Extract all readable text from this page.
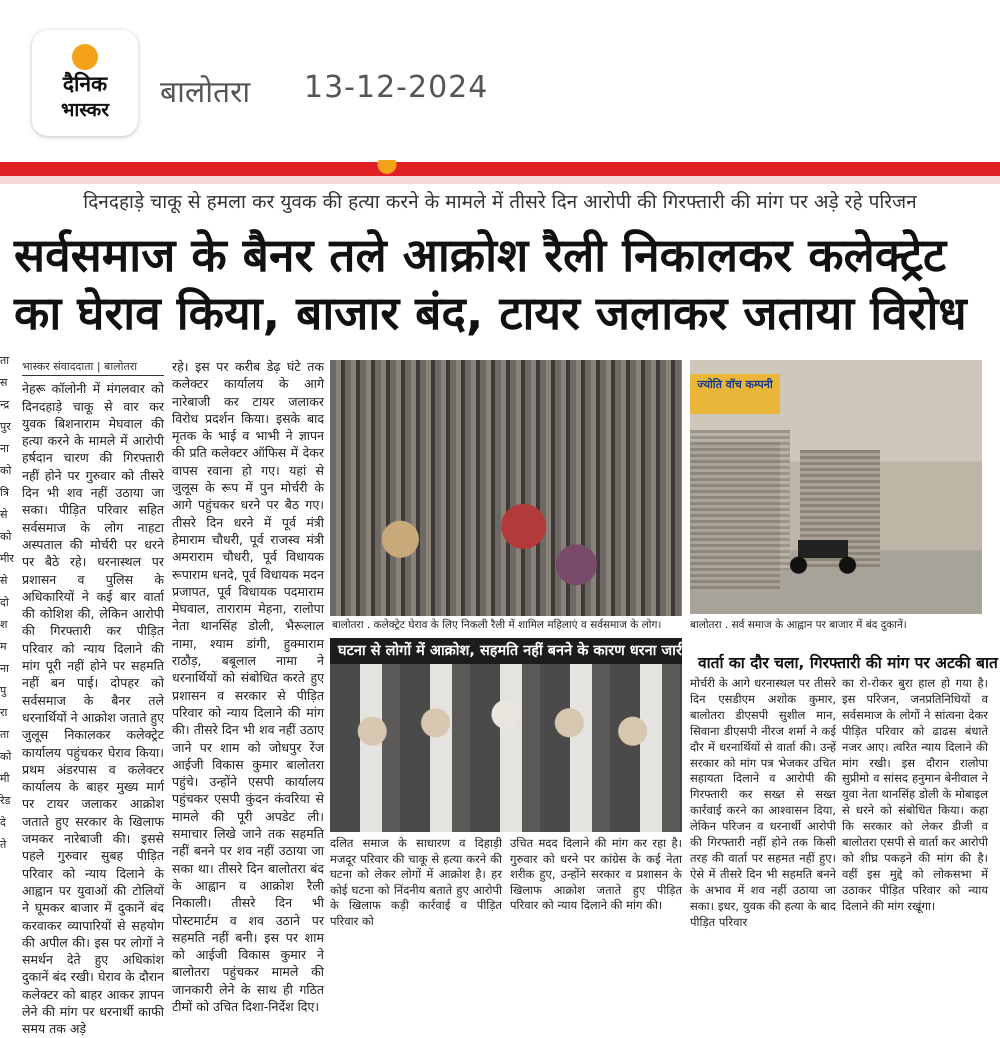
दैनिक
भास्कर	बालोतरा 13-12-2024
दिनदहाड़े चाकू से हमला कर युवक की हत्या करने के मामले में तीसरे दिन आरोपी की गिरफ्तारी की मांग पर अड़े रहे परिजन
सर्वसमाज के बैनर तले आक्रोश रैली निकालकर कलेक्ट्रेट का घेराव किया, बाजार बंद, टायर जलाकर जताया विरोध
ता
स
न्द्र
पुर
ना
को
त्रि
से
को
मीर
से
दो
श
म
ना
पु
रा
ता
को
मी
रेड
दे
ते
भास्कर संवाददाता | बालोतरा

नेहरू कॉलोनी में मंगलवार को दिनदहाड़े चाकू से वार कर युवक बिशनाराम मेघवाल की हत्या करने के मामले में आरोपी हर्षदान चारण की गिरफ्तारी नहीं होने पर गुरुवार को तीसरे दिन भी शव नहीं उठाया जा सका। पीड़ित परिवार सहित सर्वसमाज के लोग नाहटा अस्पताल की मोर्चरी पर धरने पर बैठे रहे। धरनास्थल पर प्रशासन व पुलिस के अधिकारियों ने कई बार वार्ता की कोशिश की, लेकिन आरोपी की गिरफ्तारी कर पीड़ित परिवार को न्याय दिलाने की मांग पूरी नहीं होने पर सहमति नहीं बन पाई। दोपहर को सर्वसमाज के बैनर तले धरनार्थियों ने आक्रोश जताते हुए जुलूस निकालकर कलेक्ट्रेट कार्यालय पहुंचकर घेराव किया। प्रथम अंडरपास व कलेक्टर कार्यालय के बाहर मुख्य मार्ग पर टायर जलाकर आक्रोश जताते हुए सरकार के खिलाफ जमकर नारेबाजी की। इससे पहले गुरुवार सुबह पीड़ित परिवार को न्याय दिलाने के आह्वान पर युवाओं की टोलियों ने घूमकर बाजार में दुकानें बंद करवाकर व्यापारियों से सहयोग की अपील की। इस पर लोगों ने समर्थन देते हुए अधिकांश दुकानें बंद रखी। घेराव के दौरान कलेक्टर को बाहर आकर ज्ञापन लेने की मांग पर धरनार्थी काफी समय तक अड़े

रहे। इस पर करीब डेढ़ घंटे तक कलेक्टर कार्यालय के आगे नारेबाजी कर टायर जलाकर विरोध प्रदर्शन किया। इसके बाद मृतक के भाई व भाभी ने ज्ञापन की प्रति कलेक्टर ऑफिस में देकर वापस रवाना हो गए। यहां से जुलूस के रूप में पुन मोर्चरी के आगे पहुंचकर धरने पर बैठ गए। तीसरे दिन धरने में पूर्व मंत्री हेमाराम चौधरी, पूर्व राजस्व मंत्री अमराराम चौधरी, पूर्व विधायक रूपाराम धनदे, पूर्व विधायक मदन प्रजापत, पूर्व विधायक पदमाराम मेघवाल, ताराराम मेहना, रालोपा नेता थानसिंह डोली, भैरूलाल नामा, श्याम डांगी, हुक्माराम राठौड़, बबूलाल नामा ने धरनार्थियों को संबोधित करते हुए प्रशासन व सरकार से पीड़ित परिवार को न्याय दिलाने की मांग की। तीसरे दिन भी शव नहीं उठाए जाने पर शाम को जोधपुर रेंज आईजी विकास कुमार बालोतरा पहुंचे। उन्होंने एसपी कार्यालय पहुंचकर एसपी कुंदन कंवरिया से मामले की पूरी अपडेट ली। समाचार लिखे जाने तक सहमति नहीं बनने पर शव नहीं उठाया जा सका था। तीसरे दिन बालोतरा बंद के आह्वान व आक्रोश रैली निकाली। तीसरे दिन भी पोस्टमार्टम व शव उठाने पर सहमति नहीं बनी। इस पर शाम को आईजी विकास कुमार ने बालोतरा पहुंचकर मामले की जानकारी लेने के साथ ही गठित टीमों को उचित दिशा-निर्देश दिए।

ज्योति वॉच कम्पनी
बालोतरा . कलेक्ट्रेट घेराव के लिए निकली रैली में शामिल महिलाएं व सर्वसमाज के लोग।	बालोतरा . सर्व समाज के आह्वान पर बाजार में बंद दुकानें।
घटना से लोगों में आक्रोश, सहमति नहीं बनने के कारण धरना जारी

दलित समाज के साधारण व दिहाड़ी मजदूर परिवार की चाकू से हत्या करने की घटना को लेकर लोगों में आक्रोश है। हर कोई घटना को निंदनीय बताते हुए आरोपी के खिलाफ कड़ी कार्रवाई व पीड़ित परिवार को

उचित मदद दिलाने की मांग कर रहा है। गुरुवार को धरने पर कांग्रेस के कई नेता शरीक हुए, उन्होंने सरकार व प्रशासन के खिलाफ आक्रोश जताते हुए पीड़ित परिवार को न्याय दिलाने की मांग की।

वार्ता का दौर चला, गिरफ्तारी की मांग पर अटकी बात

मोर्चरी के आगे धरनास्थल पर तीसरे दिन एसडीएम अशोक कुमार, बालोतरा डीएसपी सुशील मान, सिवाना डीएसपी नीरज शर्मा ने कई दौर में धरनार्थियों से वार्ता की। उन्हें सरकार को मांग पत्र भेजकर उचित सहायता दिलाने व आरोपी की गिरफ्तारी कर सख्त से सख्त कार्रवाई करने का आश्वासन दिया, लेकिन परिजन व धरनार्थी आरोपी की गिरफ्तारी नहीं होने तक किसी तरह की वार्ता पर सहमत नहीं हुए। ऐसे में तीसरे दिन भी सहमति बनने के अभाव में शव नहीं उठाया जा सका। इधर, युवक की हत्या के बाद पीड़ित परिवार

का रो-रोकर बुरा हाल हो गया है। इस परिजन, जनप्रतिनिधियों व सर्वसमाज के लोगों ने सांत्वना देकर पीड़ित परिवार को ढाढस बंधाते नजर आए। त्वरित न्याय दिलाने की मांग रखी। इस दौरान रालोपा सुप्रीमो व सांसद हनुमान बेनीवाल ने युवा नेता थानसिंह डोली के मोबाइल से धरने को संबोधित किया। कहा कि सरकार को लेकर डीजी व बालोतरा एसपी से वार्ता कर आरोपी को शीघ्र पकड़ने की मांग की है। वहीं इस मुद्दे को लोकसभा में उठाकर पीड़ित परिवार को न्याय दिलाने की मांग रखूंगा।
